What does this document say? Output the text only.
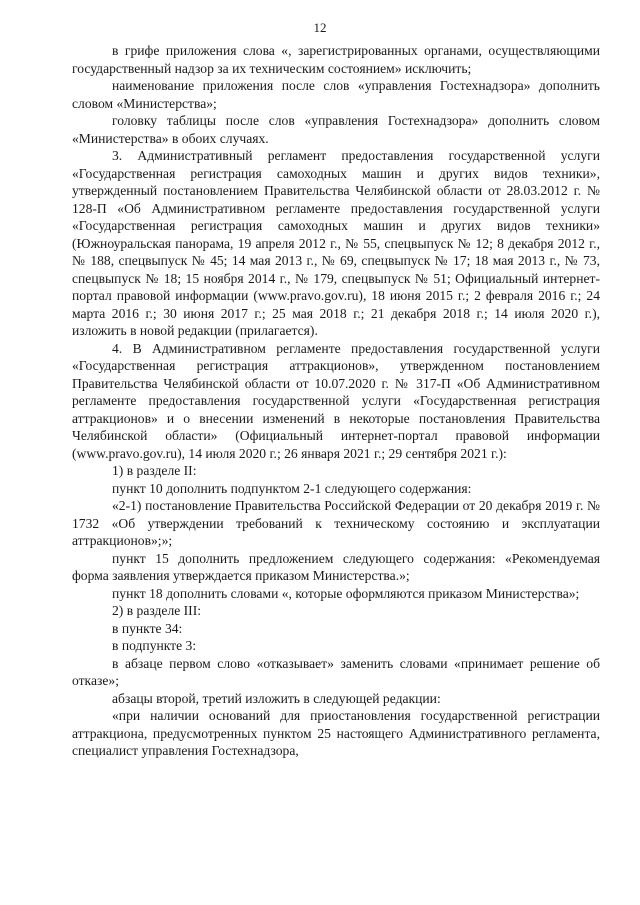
12

в грифе приложения слова «, зарегистрированных органами, осуществляющими государственный надзор за их техническим состоянием» исключить;

наименование приложения после слов «управления Гостехнадзора» дополнить словом «Министерства»;

головку таблицы после слов «управления Гостехнадзора» дополнить словом «Министерства» в обоих случаях.

3. Административный регламент предоставления государственной услуги «Государственная регистрация самоходных машин и других видов техники», утвержденный постановлением Правительства Челябинской области от 28.03.2012 г. № 128-П «Об Административном регламенте предоставления государственной услуги «Государственная регистрация самоходных машин и других видов техники» (Южноуральская панорама, 19 апреля 2012 г., № 55, спецвыпуск № 12; 8 декабря 2012 г., № 188, спецвыпуск № 45; 14 мая 2013 г., № 69, спецвыпуск № 17; 18 мая 2013 г., № 73, спецвыпуск № 18; 15 ноября 2014 г., № 179, спецвыпуск № 51; Официальный интернет-портал правовой информации (www.pravo.gov.ru), 18 июня 2015 г.; 2 февраля 2016 г.; 24 марта 2016 г.; 30 июня 2017 г.; 25 мая 2018 г.; 21 декабря 2018 г.; 14 июля 2020 г.), изложить в новой редакции (прилагается).

4. В Административном регламенте предоставления государственной услуги «Государственная регистрация аттракционов», утвержденном постановлением Правительства Челябинской области от 10.07.2020 г. № 317-П «Об Административном регламенте предоставления государственной услуги «Государственная регистрация аттракционов» и о внесении изменений в некоторые постановления Правительства Челябинской области» (Официальный интернет-портал правовой информации (www.pravo.gov.ru), 14 июля 2020 г.; 26 января 2021 г.; 29 сентября 2021 г.):

1) в разделе II:

пункт 10 дополнить подпунктом 2-1 следующего содержания:

«2-1) постановление Правительства Российской Федерации от 20 декабря 2019 г. № 1732 «Об утверждении требований к техническому состоянию и эксплуатации аттракционов»;»;

пункт 15 дополнить предложением следующего содержания: «Рекомендуемая форма заявления утверждается приказом Министерства.»;

пункт 18 дополнить словами «, которые оформляются приказом Министерства»;

2) в разделе III:

в пункте 34:

в подпункте 3:

в абзаце первом слово «отказывает» заменить словами «принимает решение об отказе»;

абзацы второй, третий изложить в следующей редакции:

«при наличии оснований для приостановления государственной регистрации аттракциона, предусмотренных пунктом 25 настоящего Административного регламента, специалист управления Гостехнадзора,
